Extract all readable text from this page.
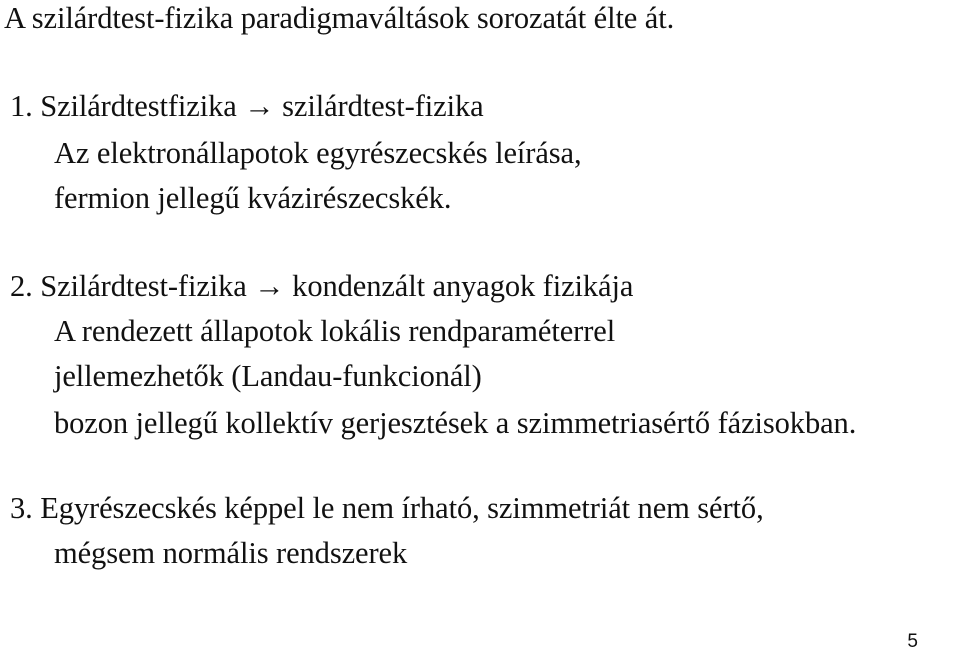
A szilárdtest-fizika paradigmaváltások sorozatát élte át.
1. Szilárdtestfizika → szilárdtest-fizika
Az elektronállapotok egyrészecskés leírása,
fermion jellegű kvázirészecskék.
2. Szilárdtest-fizika → kondenzált anyagok fizikája
A rendezett állapotok lokális rendparaméterrel
jellemezhetők (Landau-funkcionál)
bozon jellegű kollektív gerjesztések a szimmetriasértő fázisokban.
3. Egyrészecskés képpel le nem írható, szimmetriát nem sértő,
mégsem normális rendszerek
5
